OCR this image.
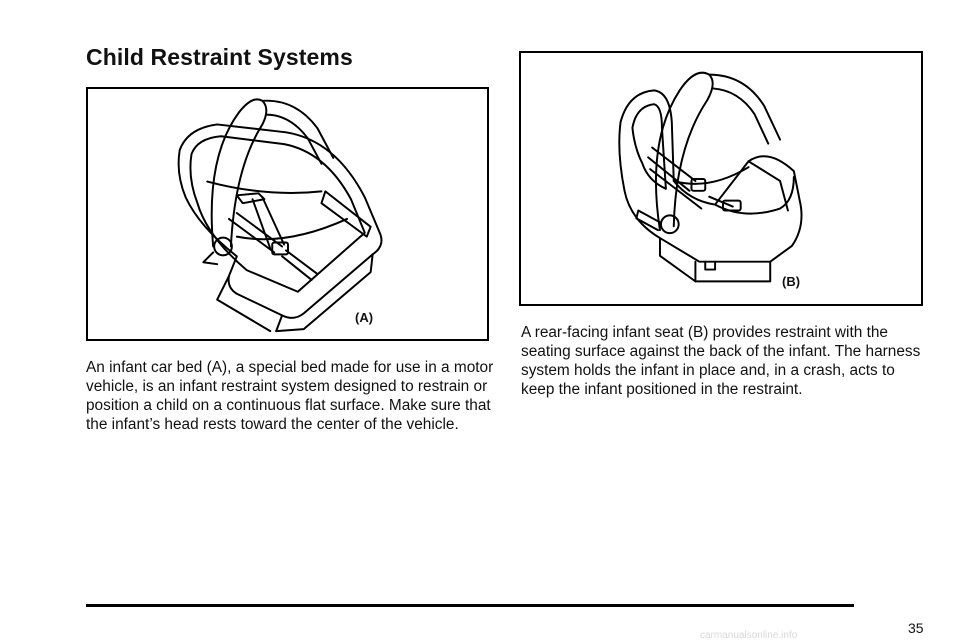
Child Restraint Systems
(A)
(B)

An infant car bed (A), a special bed made for use in a motor vehicle, is an infant restraint system designed to restrain or position a child on a continuous flat surface. Make sure that the infant’s head rests toward the center of the vehicle.

A rear-facing infant seat (B) provides restraint with the seating surface against the back of the infant. The harness system holds the infant in place and, in a crash, acts to keep the infant positioned in the restraint.

35
carmanualsonline.info
